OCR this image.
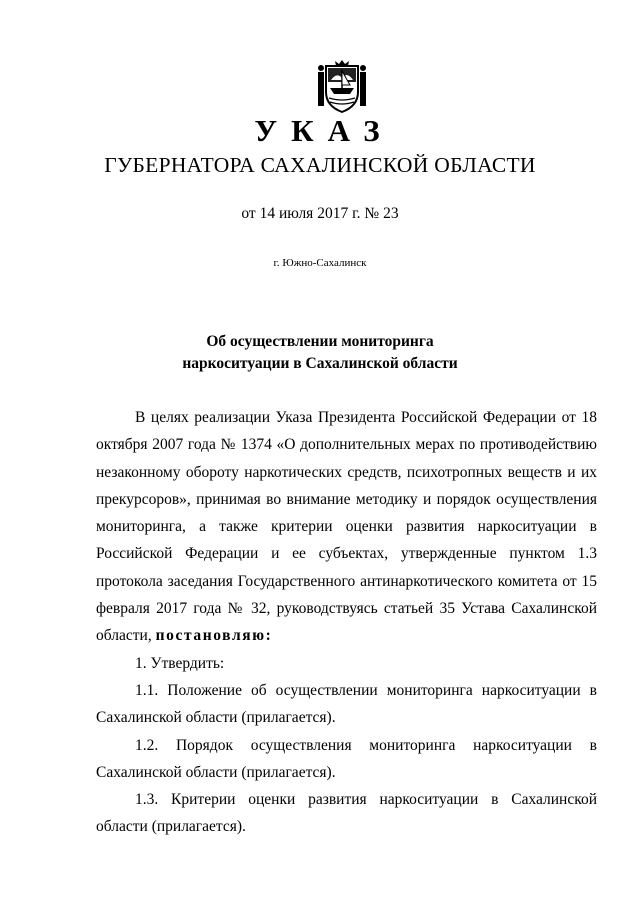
УКАЗ
ГУБЕРНАТОРА САХАЛИНСКОЙ ОБЛАСТИ
от 14 июля 2017 г. № 23
г. Южно-Сахалинск
Об осуществлении мониторинга
наркоситуации в Сахалинской области

В целях реализации Указа Президента Российской Федерации от 18 октября 2007 года № 1374 «О дополнительных мерах по противодействию незаконному обороту наркотических средств, психотропных веществ и их прекурсоров», принимая во внимание методику и порядок осуществления мониторинга, а также критерии оценки развития наркоситуации в Российской Федерации и ее субъектах, утвержденные пунктом 1.3 протокола заседания Государственного антинаркотического комитета от 15 февраля 2017 года № 32, руководствуясь статьей 35 Устава Сахалинской области, постановляю:

1. Утвердить:

1.1. Положение об осуществлении мониторинга наркоситуации в Сахалинской области (прилагается).

1.2. Порядок осуществления мониторинга наркоситуации в Сахалинской области (прилагается).

1.3. Критерии оценки развития наркоситуации в Сахалинской области (прилагается).
